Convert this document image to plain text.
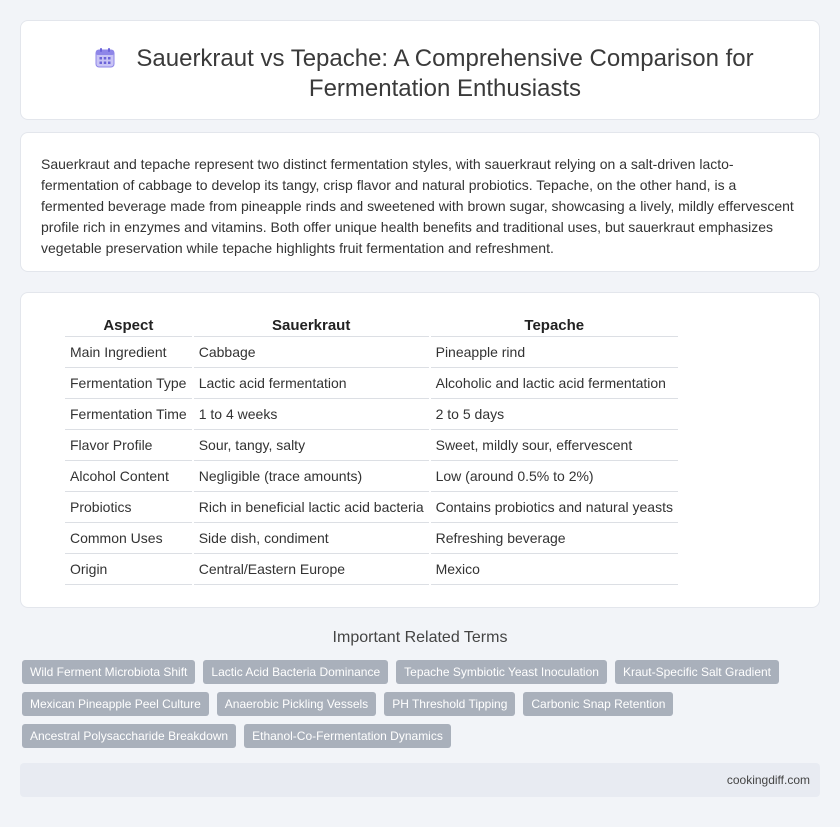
Sauerkraut vs Tepache: A Comprehensive Comparison for Fermentation Enthusiasts

Sauerkraut and tepache represent two distinct fermentation styles, with sauerkraut relying on a salt-driven lacto-fermentation of cabbage to develop its tangy, crisp flavor and natural probiotics. Tepache, on the other hand, is a fermented beverage made from pineapple rinds and sweetened with brown sugar, showcasing a lively, mildly effervescent profile rich in enzymes and vitamins. Both offer unique health benefits and traditional uses, but sauerkraut emphasizes vegetable preservation while tepache highlights fruit fermentation and refreshment.

Aspect	Sauerkraut	Tepache
Main Ingredient	Cabbage	Pineapple rind
Fermentation Type	Lactic acid fermentation	Alcoholic and lactic acid fermentation
Fermentation Time	1 to 4 weeks	2 to 5 days
Flavor Profile	Sour, tangy, salty	Sweet, mildly sour, effervescent
Alcohol Content	Negligible (trace amounts)	Low (around 0.5% to 2%)
Probiotics	Rich in beneficial lactic acid bacteria	Contains probiotics and natural yeasts
Common Uses	Side dish, condiment	Refreshing beverage
Origin	Central/Eastern Europe	Mexico
Important Related Terms
Wild Ferment Microbiota Shift	Lactic Acid Bacteria Dominance	Tepache Symbiotic Yeast Inoculation	Kraut-Specific Salt Gradient
Mexican Pineapple Peel Culture	Anaerobic Pickling Vessels	PH Threshold Tipping	Carbonic Snap Retention
Ancestral Polysaccharide Breakdown	Ethanol-Co-Fermentation Dynamics
cookingdiff.com
